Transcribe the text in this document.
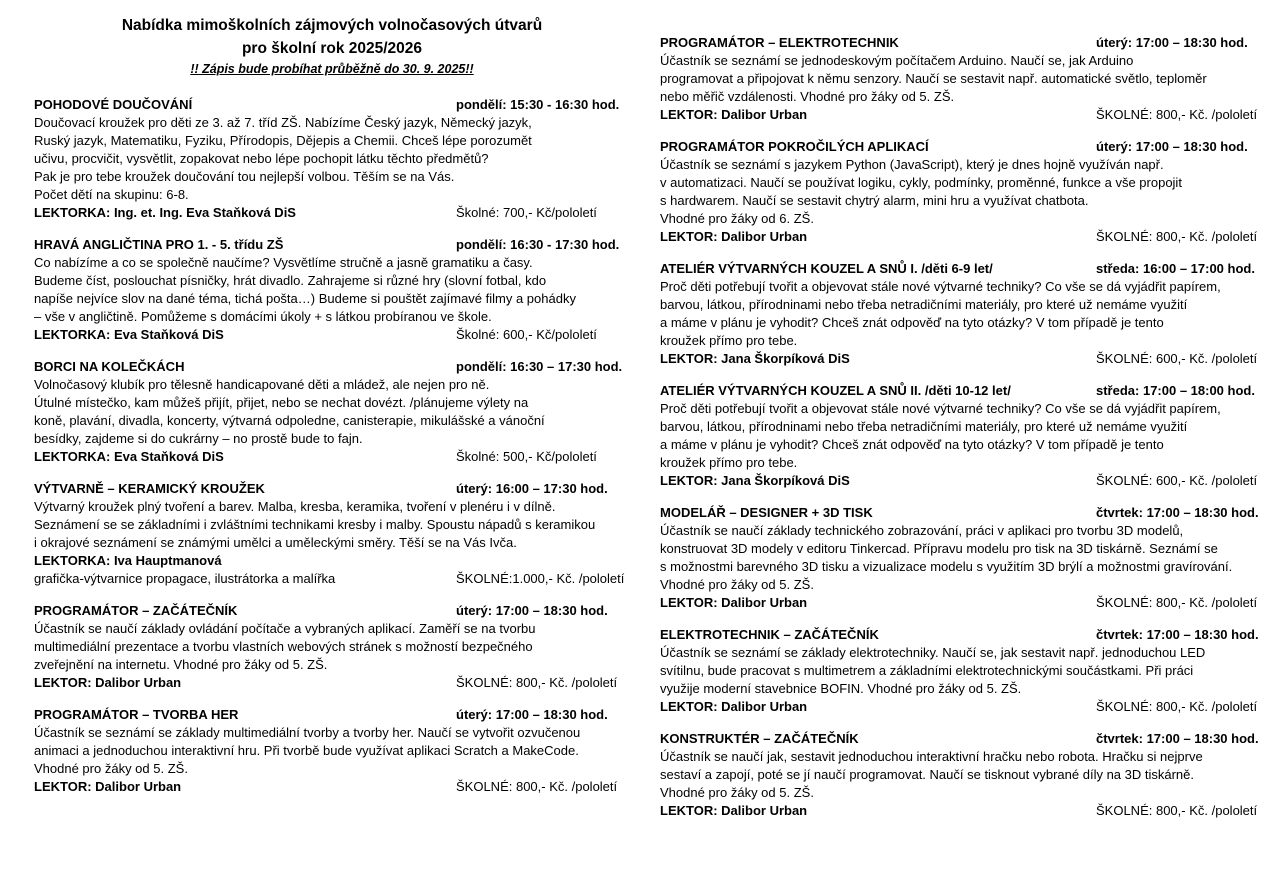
Nabídka mimoškolních zájmových volnočasových útvarů
pro školní rok 2025/2026
!! Zápis bude probíhat průběžně do 30. 9. 2025!!
POHODOVÉ DOUČOVÁNÍ	pondělí: 15:30 - 16:30 hod.
Doučovací kroužek pro děti ze 3. až 7. tříd ZŠ. Nabízíme Český jazyk, Německý jazyk,
Ruský jazyk, Matematiku, Fyziku, Přírodopis, Dějepis a Chemii. Chceš lépe porozumět
učivu, procvičit, vysvětlit, zopakovat nebo lépe pochopit látku těchto předmětů?
Pak je pro tebe kroužek doučování tou nejlepší volbou. Těším se na Vás.
Počet dětí na skupinu: 6-8.
LEKTORKA: Ing. et. Ing. Eva Staňková DiS	Školné: 700,- Kč/pololetí
HRAVÁ ANGLIČTINA PRO 1. - 5. třídu ZŠ	pondělí: 16:30 - 17:30 hod.
Co nabízíme a co se společně naučíme? Vysvětlíme stručně a jasně gramatiku a časy.
Budeme číst, poslouchat písničky, hrát divadlo. Zahrajeme si různé hry (slovní fotbal, kdo
napíše nejvíce slov na dané téma, tichá pošta…) Budeme si pouštět zajímavé filmy a pohádky
– vše v angličtině. Pomůžeme s domácími úkoly + s látkou probíranou ve škole.
LEKTORKA: Eva Staňková DiS	Školné: 600,- Kč/pololetí
BORCI NA KOLEČKÁCH	pondělí: 16:30 – 17:30 hod.
Volnočasový klubík pro tělesně handicapované děti a mládež, ale nejen pro ně.
Útulné místečko, kam můžeš přijít, přijet, nebo se nechat dovézt. /plánujeme výlety na
koně, plavání, divadla, koncerty, výtvarná odpoledne, canisterapie, mikulášské a vánoční
besídky, zajdeme si do cukrárny – no prostě bude to fajn.
LEKTORKA: Eva Staňková DiS	Školné: 500,- Kč/pololetí
VÝTVARNĚ – KERAMICKÝ KROUŽEK	úterý: 16:00 – 17:30 hod.
Výtvarný kroužek plný tvoření a barev. Malba, kresba, keramika, tvoření v plenéru i v dílně.
Seznámení se se základními i zvláštními technikami kresby i malby. Spoustu nápadů s keramikou
i okrajové seznámení se známými umělci a uměleckými směry. Těší se na Vás Ivča.
LEKTORKA: Iva Hauptmanová
grafička-výtvarnice propagace, ilustrátorka a malířka	ŠKOLNÉ:1.000,- Kč. /pololetí
PROGRAMÁTOR – ZAČÁTEČNÍK	úterý: 17:00 – 18:30 hod.
Účastník se naučí základy ovládání počítače a vybraných aplikací. Zaměří se na tvorbu
multimediální prezentace a tvorbu vlastních webových stránek s možností bezpečného
zveřejnění na internetu. Vhodné pro žáky od 5. ZŠ.
LEKTOR: Dalibor Urban	ŠKOLNÉ: 800,- Kč. /pololetí
PROGRAMÁTOR – TVORBA HER	úterý: 17:00 – 18:30 hod.
Účastník se seznámí se základy multimediální tvorby a tvorby her. Naučí se vytvořit ozvučenou
animaci a jednoduchou interaktivní hru. Při tvorbě bude využívat aplikaci Scratch a MakeCode.
Vhodné pro žáky od 5. ZŠ.
LEKTOR: Dalibor Urban	ŠKOLNÉ: 800,- Kč. /pololetí
PROGRAMÁTOR – ELEKTROTECHNIK	úterý: 17:00 – 18:30 hod.
Účastník se seznámí se jednodeskovým počítačem Arduino. Naučí se, jak Arduino
programovat a připojovat k němu senzory. Naučí se sestavit např. automatické světlo, teploměr
nebo měřič vzdálenosti. Vhodné pro žáky od 5. ZŠ.
LEKTOR: Dalibor Urban	ŠKOLNÉ: 800,- Kč. /pololetí
PROGRAMÁTOR POKROČILÝCH APLIKACÍ	úterý: 17:00 – 18:30 hod.
Účastník se seznámí s jazykem Python (JavaScript), který je dnes hojně využíván např.
v automatizaci. Naučí se používat logiku, cykly, podmínky, proměnné, funkce a vše propojit
s hardwarem. Naučí se sestavit chytrý alarm, mini hru a využívat chatbota.
Vhodné pro žáky od 6. ZŠ.
LEKTOR: Dalibor Urban	ŠKOLNÉ: 800,- Kč. /pololetí
ATELIÉR VÝTVARNÝCH KOUZEL A SNŮ I. /děti 6-9 let/	středa: 16:00 – 17:00 hod.
Proč děti potřebují tvořit a objevovat stále nové výtvarné techniky? Co vše se dá vyjádřit papírem,
barvou, látkou, přírodninami nebo třeba netradičními materiály, pro které už nemáme využití
a máme v plánu je vyhodit? Chceš znát odpověď na tyto otázky? V tom případě je tento
kroužek přímo pro tebe.
LEKTOR: Jana Škorpíková DiS	ŠKOLNÉ: 600,- Kč. /pololetí
ATELIÉR VÝTVARNÝCH KOUZEL A SNŮ II. /děti 10-12 let/	středa: 17:00 – 18:00 hod.
Proč děti potřebují tvořit a objevovat stále nové výtvarné techniky? Co vše se dá vyjádřit papírem,
barvou, látkou, přírodninami nebo třeba netradičními materiály, pro které už nemáme využití
a máme v plánu je vyhodit? Chceš znát odpověď na tyto otázky? V tom případě je tento
kroužek přímo pro tebe.
LEKTOR: Jana Škorpíková DiS	ŠKOLNÉ: 600,- Kč. /pololetí
MODELÁŘ – DESIGNER + 3D TISK	čtvrtek: 17:00 – 18:30 hod.
Účastník se naučí základy technického zobrazování, práci v aplikaci pro tvorbu 3D modelů,
konstruovat 3D modely v editoru Tinkercad. Přípravu modelu pro tisk na 3D tiskárně. Seznámí se
s možnostmi barevného 3D tisku a vizualizace modelu s využitím 3D brýlí a možnostmi gravírování.
Vhodné pro žáky od 5. ZŠ.
LEKTOR: Dalibor Urban	ŠKOLNÉ: 800,- Kč. /pololetí
ELEKTROTECHNIK – ZAČÁTEČNÍK	čtvrtek: 17:00 – 18:30 hod.
Účastník se seznámí se základy elektrotechniky. Naučí se, jak sestavit např. jednoduchou LED
svítilnu, bude pracovat s multimetrem a základními elektrotechnickými součástkami. Při práci
využije moderní stavebnice BOFIN. Vhodné pro žáky od 5. ZŠ.
LEKTOR: Dalibor Urban	ŠKOLNÉ: 800,- Kč. /pololetí
KONSTRUKTÉR – ZAČÁTEČNÍK	čtvrtek: 17:00 – 18:30 hod.
Účastník se naučí jak, sestavit jednoduchou interaktivní hračku nebo robota. Hračku si nejprve
sestaví a zapojí, poté se jí naučí programovat. Naučí se tisknout vybrané díly na 3D tiskárně.
Vhodné pro žáky od 5. ZŠ.
LEKTOR: Dalibor Urban	ŠKOLNÉ: 800,- Kč. /pololetí
